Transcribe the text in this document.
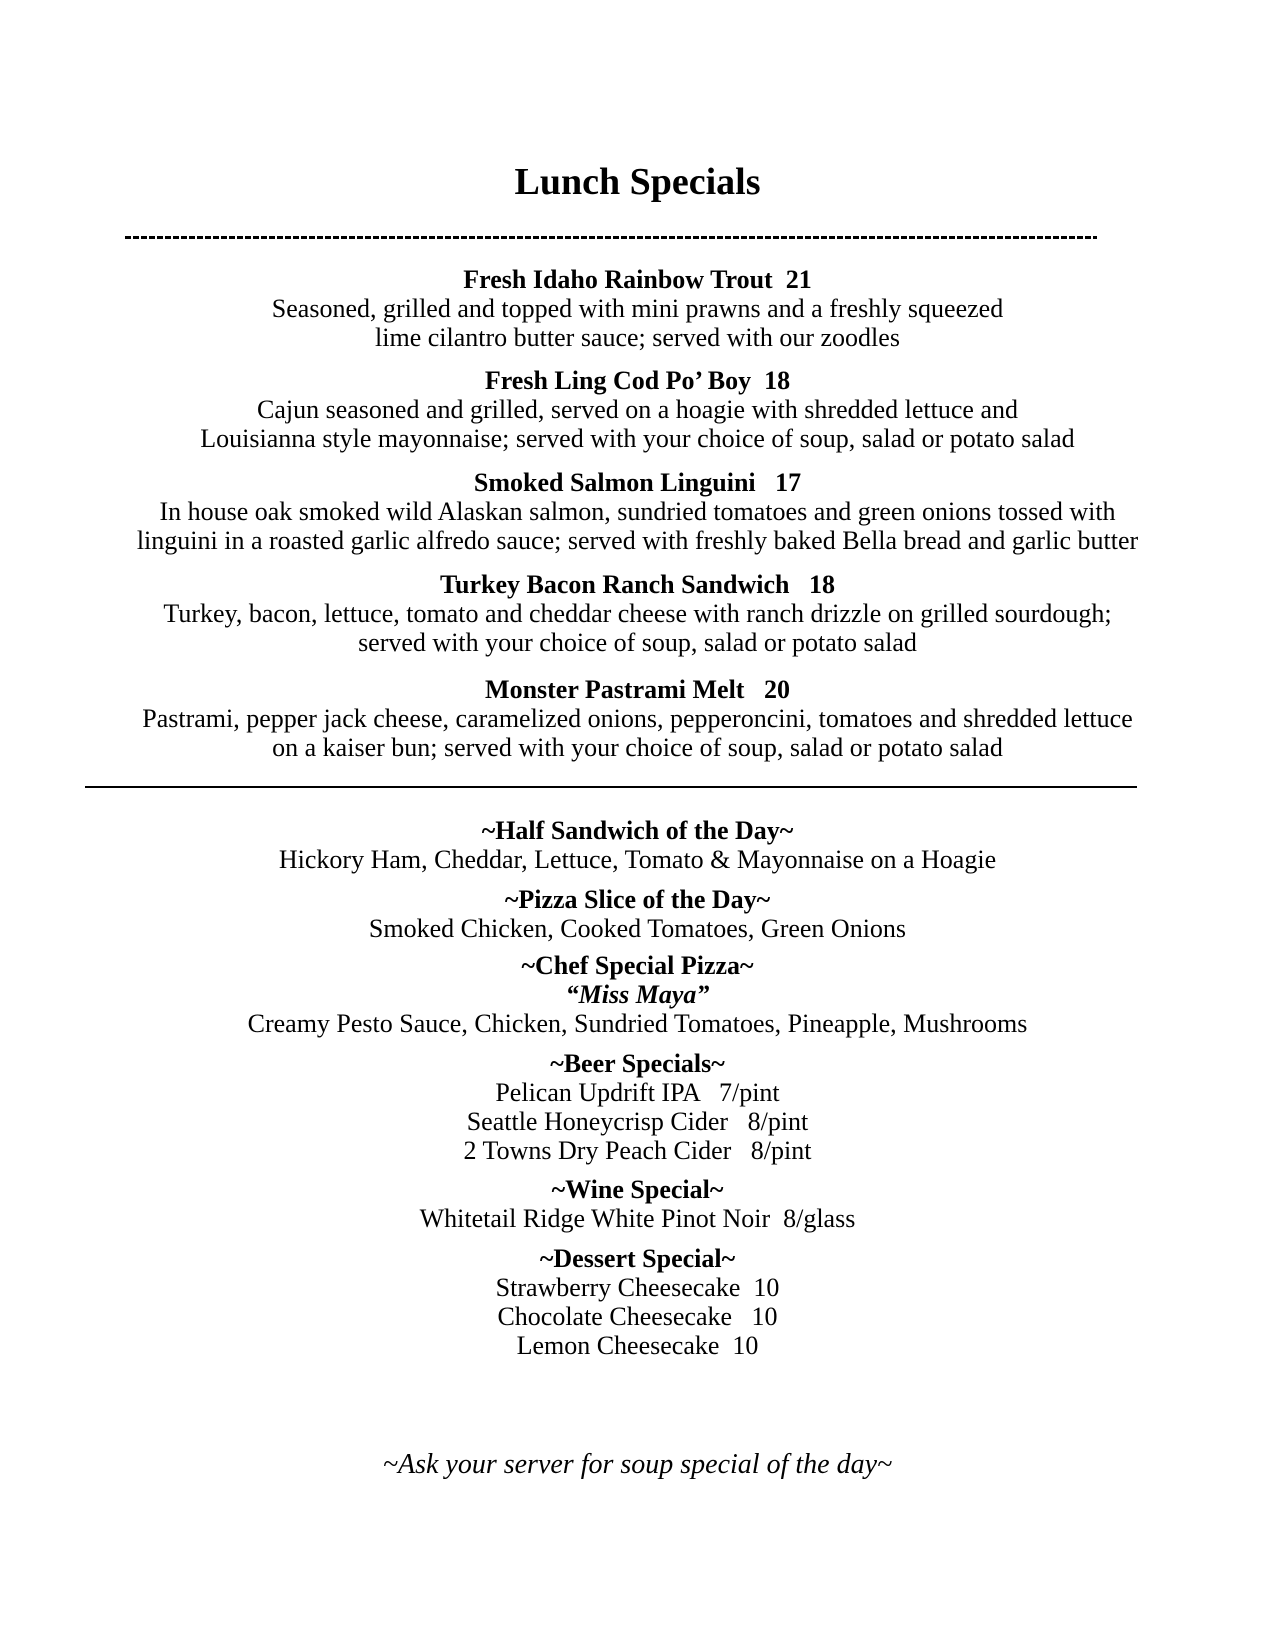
Lunch Specials
Fresh Idaho Rainbow Trout  21
Seasoned, grilled and topped with mini prawns and a freshly squeezed
lime cilantro butter sauce; served with our zoodles
Fresh Ling Cod Po’ Boy  18
Cajun seasoned and grilled, served on a hoagie with shredded lettuce and
Louisianna style mayonnaise; served with your choice of soup, salad or potato salad
Smoked Salmon Linguini   17
In house oak smoked wild Alaskan salmon, sundried tomatoes and green onions tossed with
linguini in a roasted garlic alfredo sauce; served with freshly baked Bella bread and garlic butter
Turkey Bacon Ranch Sandwich   18
Turkey, bacon, lettuce, tomato and cheddar cheese with ranch drizzle on grilled sourdough;
served with your choice of soup, salad or potato salad
Monster Pastrami Melt   20
Pastrami, pepper jack cheese, caramelized onions, pepperoncini, tomatoes and shredded lettuce
on a kaiser bun; served with your choice of soup, salad or potato salad
~Half Sandwich of the Day~
Hickory Ham, Cheddar, Lettuce, Tomato & Mayonnaise on a Hoagie
~Pizza Slice of the Day~
Smoked Chicken, Cooked Tomatoes, Green Onions
~Chef Special Pizza~
“Miss Maya”
Creamy Pesto Sauce, Chicken, Sundried Tomatoes, Pineapple, Mushrooms
~Beer Specials~
Pelican Updrift IPA   7/pint
Seattle Honeycrisp Cider   8/pint
2 Towns Dry Peach Cider   8/pint
~Wine Special~
Whitetail Ridge White Pinot Noir  8/glass
~Dessert Special~
Strawberry Cheesecake  10
Chocolate Cheesecake   10
Lemon Cheesecake  10
~Ask your server for soup special of the day~
